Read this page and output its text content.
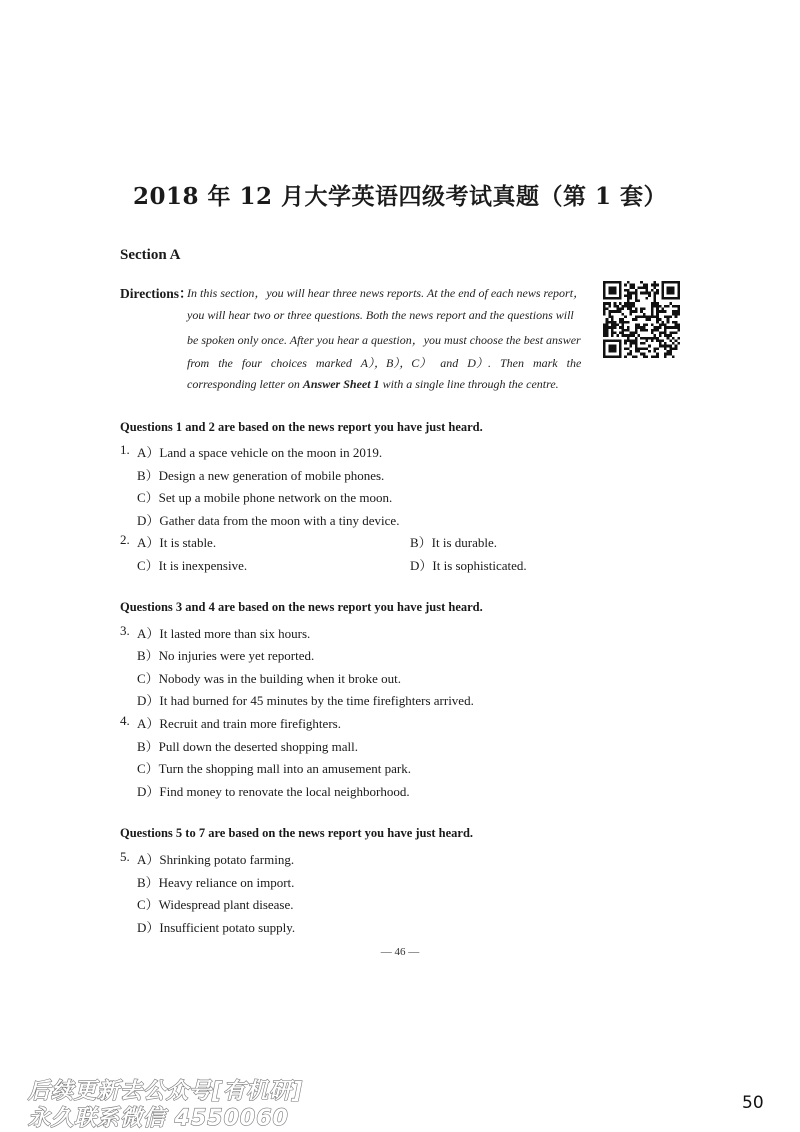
2018 年 12 月大学英语四级考试真题（第 1 套）
Section A
Directions：
In this section，you will hear three news reports. At the end of each news report，
you will hear two or three questions. Both the news report and the questions will
be spoken only once. After you hear a question，you must choose the best answer
from the four choices marked A），B），C） and D）. Then mark the
corresponding letter on Answer Sheet 1 with a single line through the centre.
Questions 1 and 2 are based on the news report you have just heard.
1. A）Land a space vehicle on the moon in 2019.
B）Design a new generation of mobile phones.
C）Set up a mobile phone network on the moon.
D）Gather data from the moon with a tiny device.
2. A）It is stable.	B）It is durable.
C）It is inexpensive.	D）It is sophisticated.
Questions 3 and 4 are based on the news report you have just heard.
3. A）It lasted more than six hours.
B）No injuries were yet reported.
C）Nobody was in the building when it broke out.
D）It had burned for 45 minutes by the time firefighters arrived.
4. A）Recruit and train more firefighters.
B）Pull down the deserted shopping mall.
C）Turn the shopping mall into an amusement park.
D）Find money to renovate the local neighborhood.
Questions 5 to 7 are based on the news report you have just heard.
5. A）Shrinking potato farming.
B）Heavy reliance on import.
C）Widespread plant disease.
D）Insufficient potato supply.
— 46 —
后续更新去公众号[有机研]
永久联系微信 4550060
50
